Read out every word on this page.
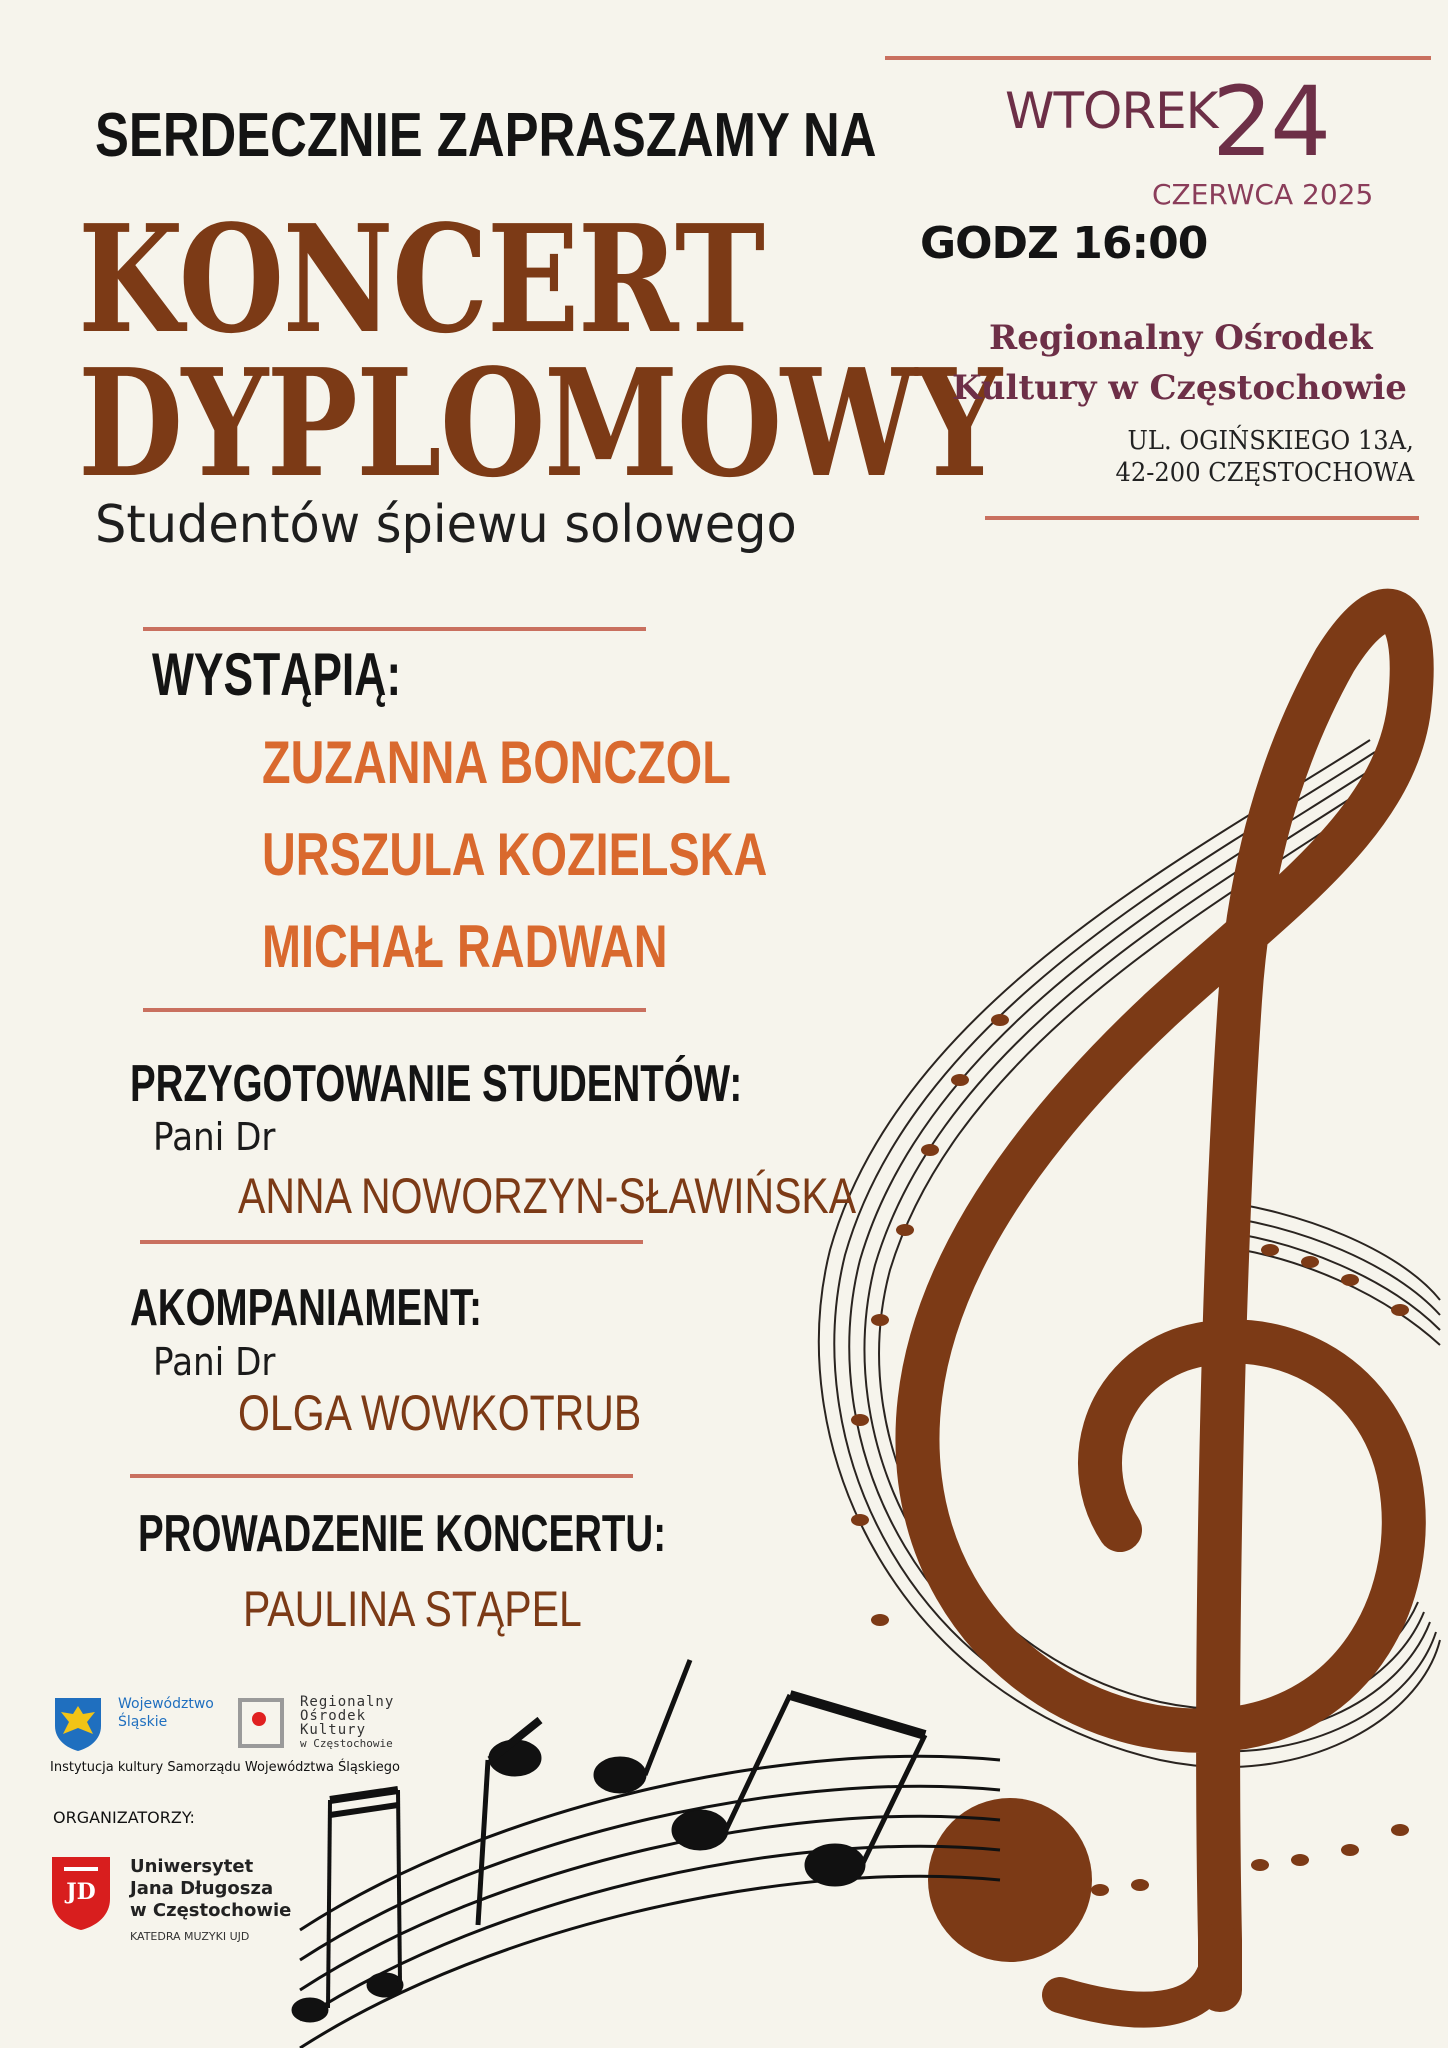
SERDECZNIE ZAPRASZAMY NA
KONCERT
DYPLOMOWY
Studentów śpiewu solowego
WTOREK
24
CZERWCA 2025
GODZ 16:00
Regionalny Ośrodek
Kultury w Częstochowie
UL. OGIŃSKIEGO 13A,
42-200 CZĘSTOCHOWA
WYSTĄPIĄ:
ZUZANNA BONCZOL
URSZULA KOZIELSKA
MICHAŁ RADWAN
PRZYGOTOWANIE STUDENTÓW:
Pani Dr
ANNA NOWORZYN-SŁAWIŃSKA
AKOMPANIAMENT:
Pani Dr
OLGA WOWKOTRUB
PROWADZENIE KONCERTU:
PAULINA STĄPEL
Województwo
Śląskie
Regionalny
Ośrodek
Kultury
w Częstochowie
Instytucja kultury Samorządu Województwa Śląskiego
ORGANIZATORZY:
JD
Uniwersytet
Jana Długosza
w Częstochowie
KATEDRA MUZYKI UJD
